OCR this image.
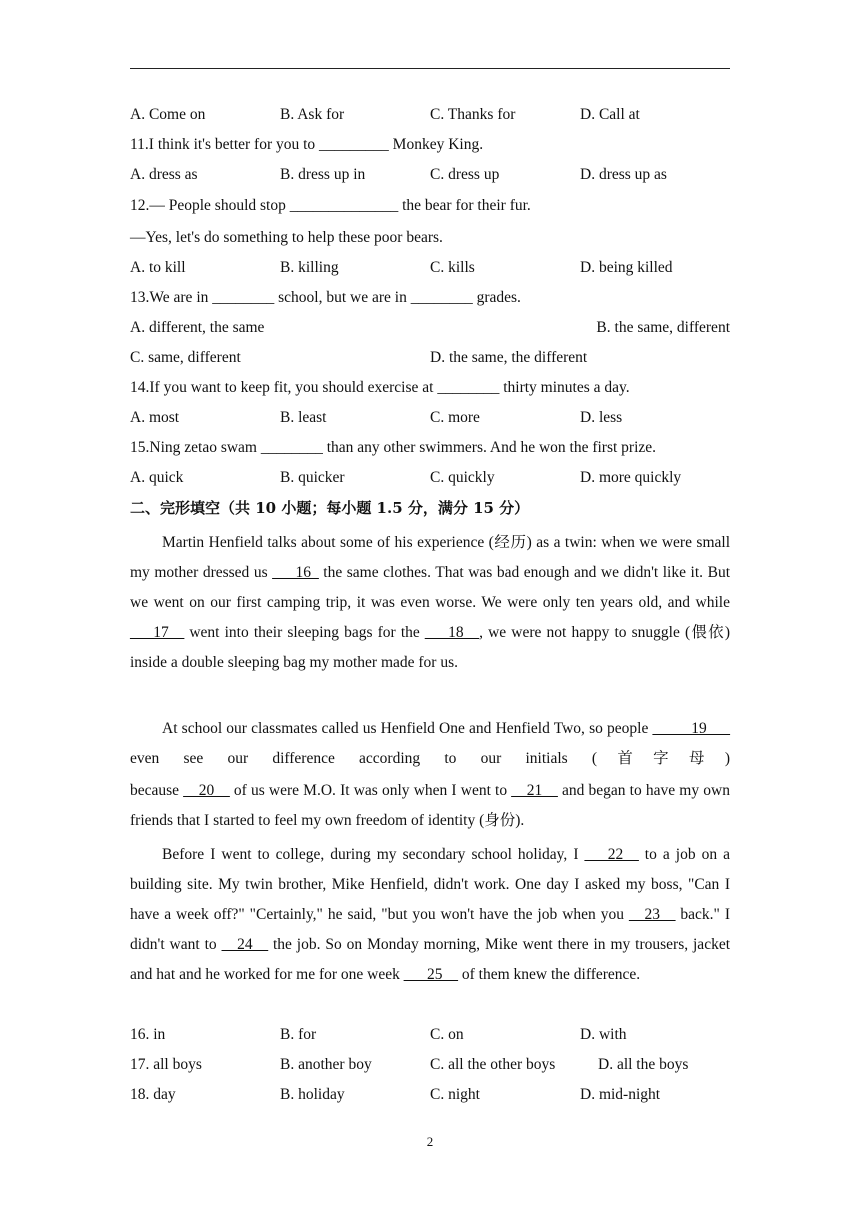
A. Come on	B. Ask for	C. Thanks for	D. Call at
11.I think it's better for you to _________ Monkey King.
A. dress as	B. dress up in	C. dress up	D. dress up as
12.— People should stop ______________ the bear for their fur.
—Yes, let's do something to help these poor bears.
A. to kill	B. killing	C. kills	D. being killed
13.We are in ________ school, but we are in ________ grades.
A. different, the same	B. the same, different
C. same, different	D. the same, the different
14.If you want to keep fit, you should exercise at ________ thirty minutes a day.
A. most	B. least	C. more	D. less
15.Ning zetao swam ________ than any other swimmers. And he won the first prize.
A. quick	B. quicker	C. quickly	D. more quickly
二、完形填空（共 10 小题；每小题 1.5 分，满分 15 分）
Martin Henfield talks about some of his experience (经历) as a twin: when we were small my mother dressed us ___16_ the same clothes. That was bad enough and we didn't like it. But we went on our first camping trip, it was even worse. We were only ten years old, and while ___17__ went into their sleeping bags for the ___18__, we were not happy to snuggle (偎依) inside a double sleeping bag my mother made for us.
At school our classmates called us Henfield One and Henfield Two, so people _____19___ even see our difference according to our initials (首字母)
because __20__ of us were M.O. It was only when I went to __21__ and began to have my own friends that I started to feel my own freedom of identity (身份).
Before I went to college, during my secondary school holiday, I ___22__ to a job on a building site. My twin brother, Mike Henfield, didn't work. One day I asked my boss, "Can I have a week off?" "Certainly," he said, "but you won't have the job when you __23__ back." I didn't want to __24__ the job. So on Monday morning, Mike went there in my trousers, jacket and hat and he worked for me for one week ___25__ of them knew the difference.
16. in	B. for	C. on	D. with
17. all boys	B. another boy	C. all the other boys	D. all the boys
18. day	B. holiday	C. night	D. mid-night
2
